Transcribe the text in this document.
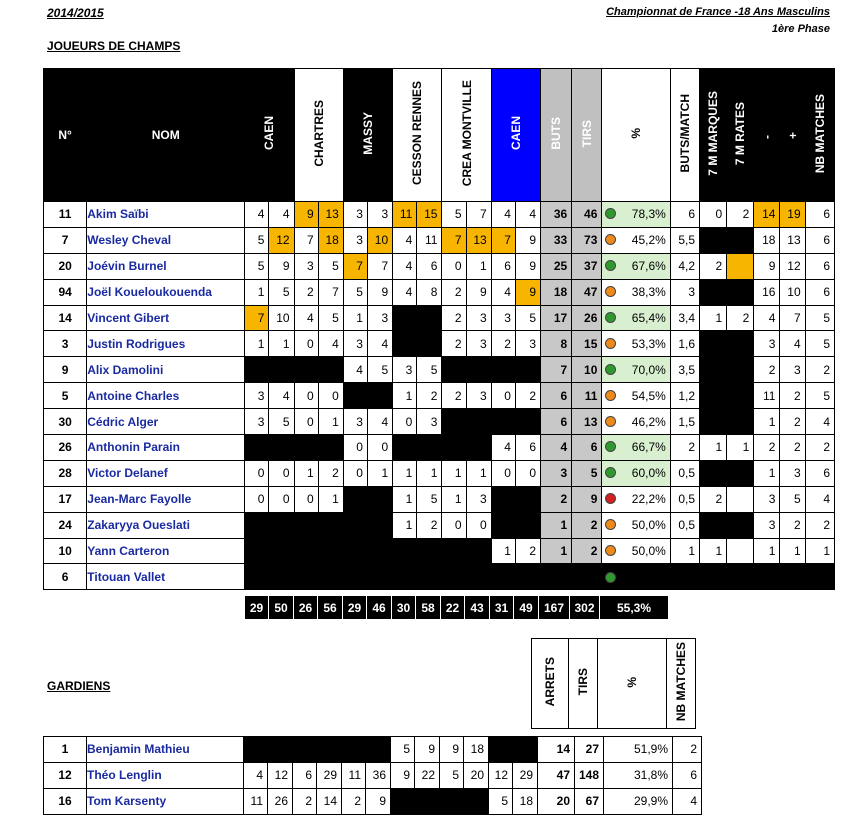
2014/2015	Championnat de France -18 Ans Masculins
1ère Phase
JOUEURS DE CHAMPS
N°	NOM	CAEN		CHARTRES		MASSY		CESSON RENNES		CREA MONTVILLE		CAEN		BUTS	TIRS	%	BUTS/MATCH	7 M MARQUES	7 M RATES	-	+	NB MATCHES
11	Akim Saïbi	4	4	9	13	3	3	11	15	5	7	4	4	36	46	78,3%	6	0	2	14	19	6
7	Wesley Cheval	5	12	7	18	3	10	4	11	7	13	7	9	33	73	45,2%	5,5			18	13	6
20	Joévin Burnel	5	9	3	5	7	7	4	6	0	1	6	9	25	37	67,6%	4,2	2		9	12	6
94	Joël Koueloukouenda	1	5	2	7	5	9	4	8	2	9	4	9	18	47	38,3%	3			16	10	6
14	Vincent Gibert	7	10	4	5	1	3			2	3	3	5	17	26	65,4%	3,4	1	2	4	7	5
3	Justin Rodrigues	1	1	0	4	3	4			2	3	2	3	8	15	53,3%	1,6			3	4	5
9	Alix Damolini					4	5	3	5					7	10	70,0%	3,5			2	3	2
5	Antoine Charles	3	4	0	0			1	2	2	3	0	2	6	11	54,5%	1,2			11	2	5
30	Cédric Alger	3	5	0	1	3	4	0	3					6	13	46,2%	1,5			1	2	4
26	Anthonin Parain					0	0					4	6	4	6	66,7%	2	1	1	2	2	2
28	Victor Delanef	0	0	1	2	0	1	1	1	1	1	0	0	3	5	60,0%	0,5			1	3	6
17	Jean-Marc Fayolle	0	0	0	1			1	5	1	3			2	9	22,2%	0,5	2		3	5	4
24	Zakaryya Oueslati							1	2	0	0			1	2	50,0%	0,5			3	2	2
10	Yann Carteron											1	2	1	2	50,0%	1	1		1	1	1
6	Titouan Vallet															

29	50	26	56	29	46	30	58	22	43	31	49	167	302	55,3%
GARDIENS	ARRETS	TIRS	%	NB MATCHES
1	Benjamin Mathieu							5	9	9	18			14	27	51,9%	2
12	Théo Lenglin	4	12	6	29	11	36	9	22	5	20	12	29	47	148	31,8%	6
16	Tom Karsenty	11	26	2	14	2	9					5	18	20	67	29,9%	4
